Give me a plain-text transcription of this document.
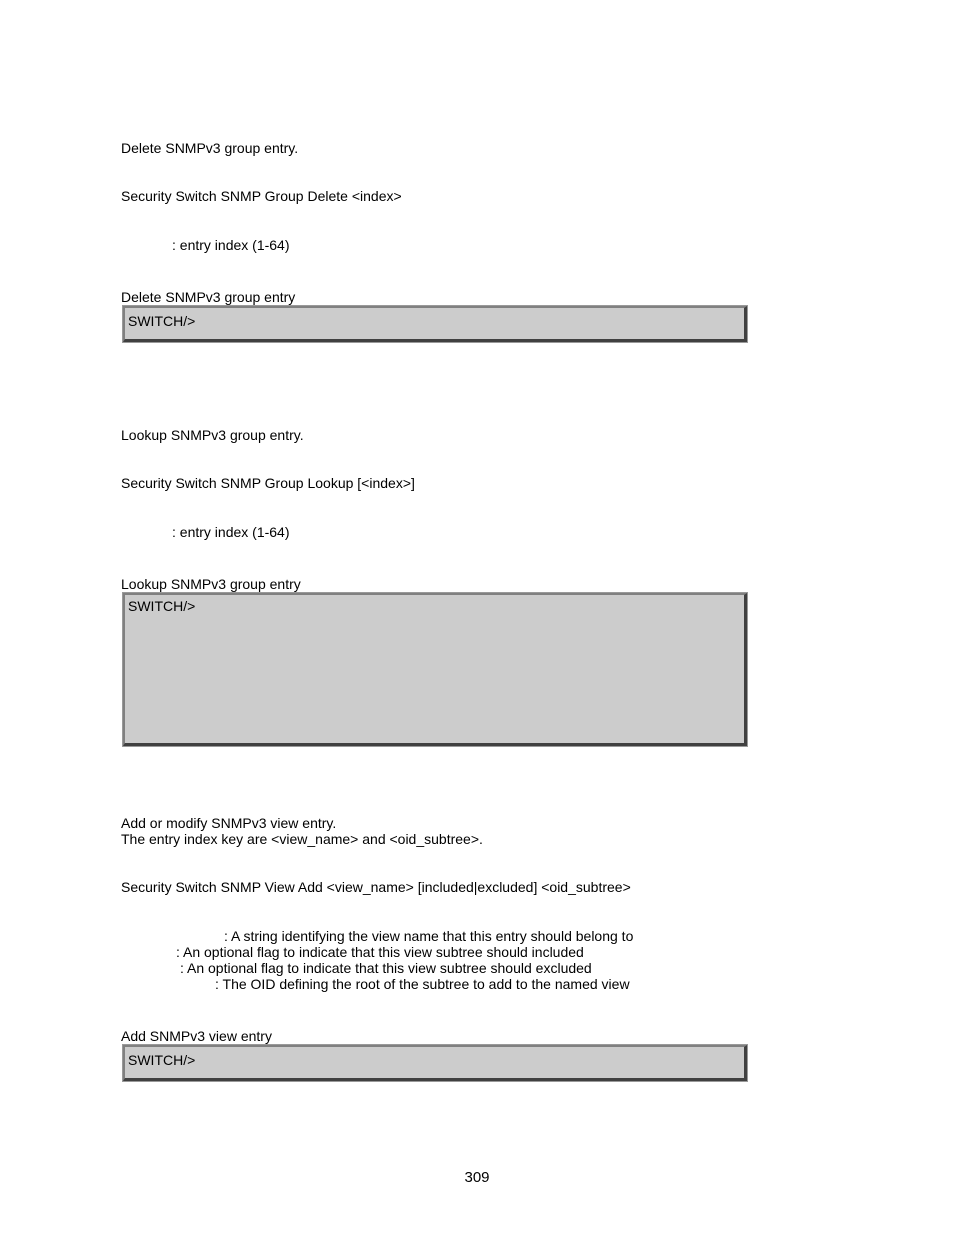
Delete SNMPv3 group entry.
Security Switch SNMP Group Delete <index>
: entry index (1-64)
Delete SNMPv3 group entry
SWITCH/>
Lookup SNMPv3 group entry.
Security Switch SNMP Group Lookup [<index>]
: entry index (1-64)
Lookup SNMPv3 group entry
SWITCH/>
Add or modify SNMPv3 view entry.
The entry index key are <view_name> and <oid_subtree>.
Security Switch SNMP View Add <view_name> [included|excluded] <oid_subtree>
: A string identifying the view name that this entry should belong to
: An optional flag to indicate that this view subtree should included
: An optional flag to indicate that this view subtree should excluded
: The OID defining the root of the subtree to add to the named view
Add SNMPv3 view entry
SWITCH/>
309
